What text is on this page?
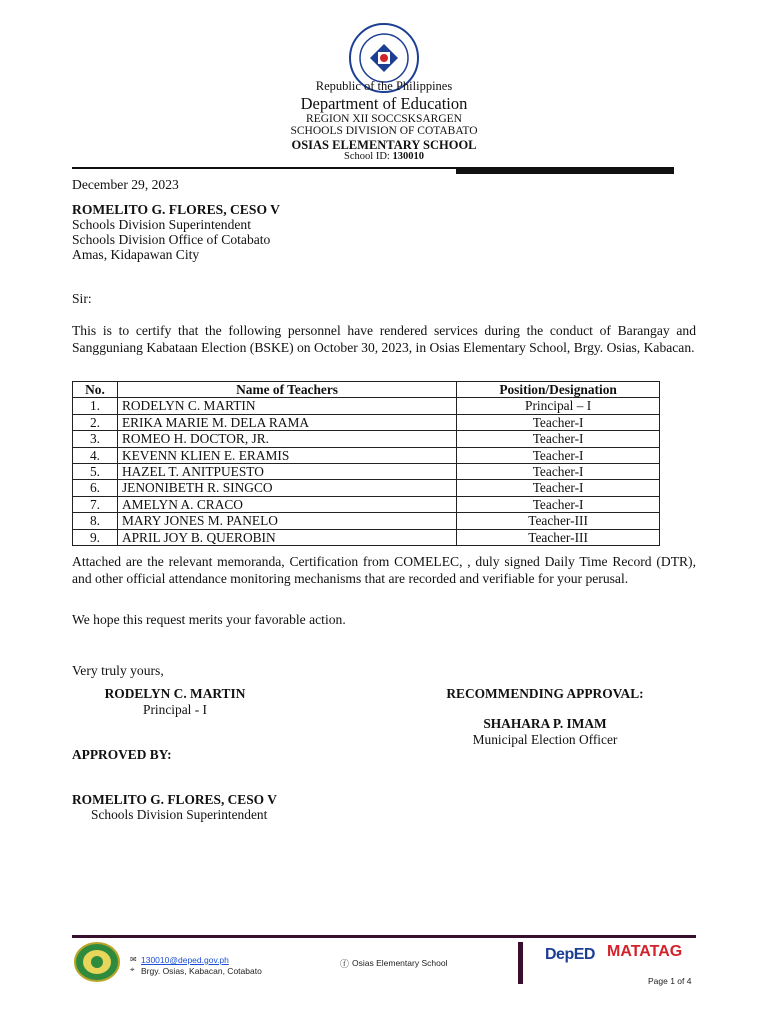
Republic of the Philippines
Department of Education
REGION XII SOCCSKSARGEN
SCHOOLS DIVISION OF COTABATO
OSIAS ELEMENTARY SCHOOL
School ID: 130010
December 29, 2023
ROMELITO G. FLORES, CESO V
Schools Division Superintendent
Schools Division Office of Cotabato
Amas, Kidapawan City
Sir:
This is to certify that the following personnel have rendered services during the conduct of Barangay and Sangguniang Kabataan Election (BSKE) on October 30, 2023, in Osias Elementary School, Brgy. Osias, Kabacan.
No.	Name of Teachers	Position/Designation
1.	RODELYN C. MARTIN	Principal – I
2.	ERIKA MARIE M. DELA RAMA	Teacher-I
3.	ROMEO H. DOCTOR, JR.	Teacher-I
4.	KEVENN KLIEN E. ERAMIS	Teacher-I
5.	HAZEL T. ANITPUESTO	Teacher-I
6.	JENONIBETH R. SINGCO	Teacher-I
7.	AMELYN A. CRACO	Teacher-I
8.	MARY JONES M. PANELO	Teacher-III
9.	APRIL JOY B. QUEROBIN	Teacher-III
Attached are the relevant memoranda, Certification from COMELEC, , duly signed Daily Time Record (DTR), and other official attendance monitoring mechanisms that are recorded and verifiable for your perusal.
We hope this request merits your favorable action.
Very truly yours,
RODELYN C. MARTIN
Principal - I
RECOMMENDING APPROVAL:
SHAHARA P. IMAM
Municipal Election Officer
APPROVED BY:
ROMELITO G. FLORES, CESO V
Schools Division Superintendent
✉ 130010@deped.gov.ph
⌖ Brgy. Osias, Kabacan, Cotabato
ⓕ Osias Elementary School	DepED MATATAG
Page 1 of 4
